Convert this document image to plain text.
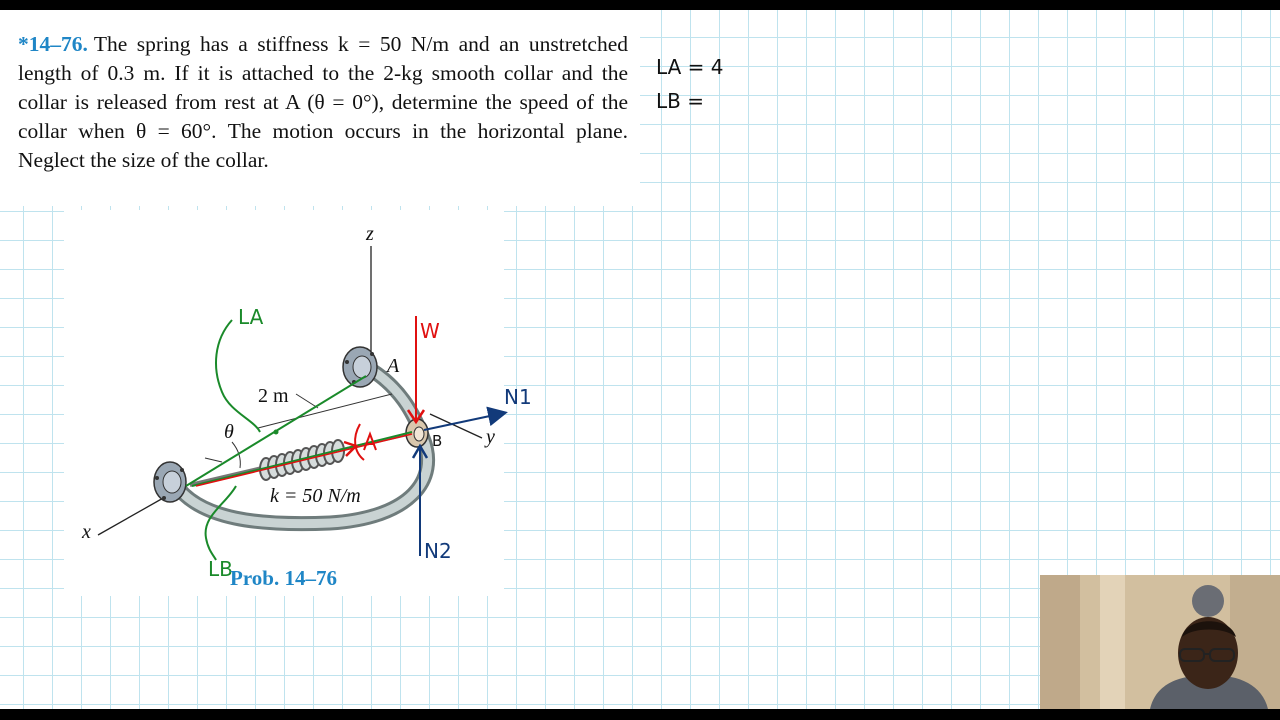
*14–76. The spring has a stiffness k = 50 N/m and an unstretched length of 0.3 m. If it is attached to the 2-kg smooth collar and the collar is released from rest at A (θ = 0°), determine the speed of the collar when θ = 60°. The motion occurs in the horizontal plane. Neglect the size of the collar.
z
x
y
2 m
θ
k = 50 N/m
A
LA
LB
W
N1
N2
B
Prob. 14–76
LA = 4
LB =
